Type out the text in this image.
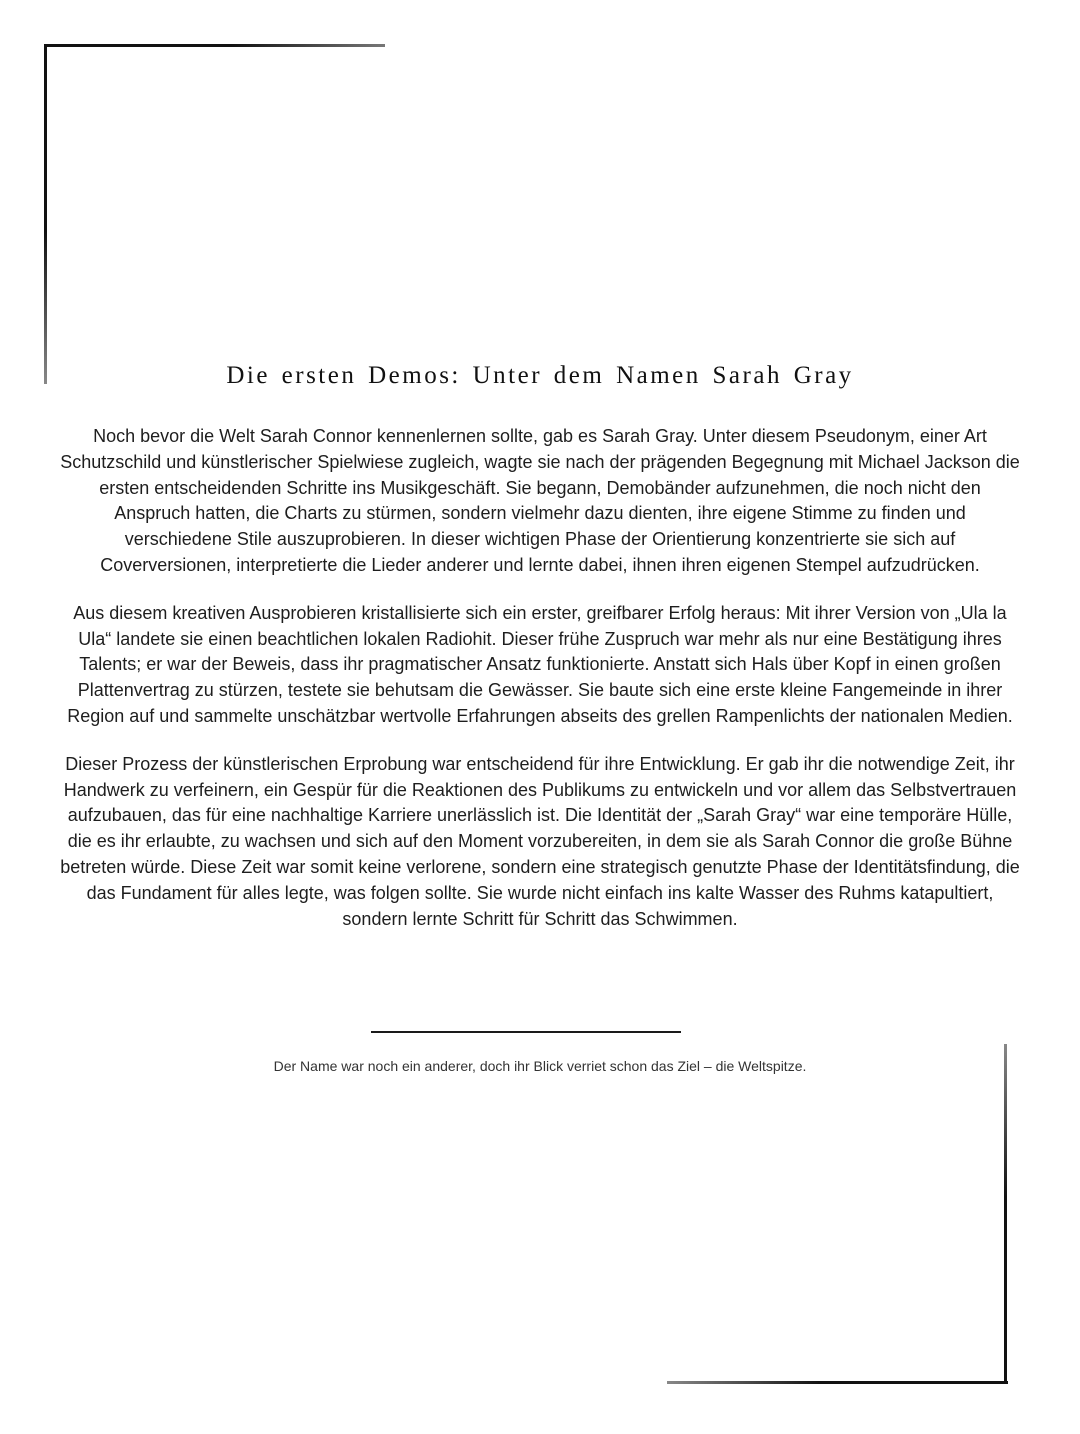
Die ersten Demos: Unter dem Namen Sarah Gray

Noch bevor die Welt Sarah Connor kennenlernen sollte, gab es Sarah Gray. Unter diesem Pseudonym, einer Art Schutzschild und künstlerischer Spielwiese zugleich, wagte sie nach der prägenden Begegnung mit Michael Jackson die ersten entscheidenden Schritte ins Musikgeschäft. Sie begann, Demobänder aufzunehmen, die noch nicht den Anspruch hatten, die Charts zu stürmen, sondern vielmehr dazu dienten, ihre eigene Stimme zu finden und verschiedene Stile auszuprobieren. In dieser wichtigen Phase der Orientierung konzentrierte sie sich auf Coverversionen, interpretierte die Lieder anderer und lernte dabei, ihnen ihren eigenen Stempel aufzudrücken.

Aus diesem kreativen Ausprobieren kristallisierte sich ein erster, greifbarer Erfolg heraus: Mit ihrer Version von „Ula la Ula“ landete sie einen beachtlichen lokalen Radiohit. Dieser frühe Zuspruch war mehr als nur eine Bestätigung ihres Talents; er war der Beweis, dass ihr pragmatischer Ansatz funktionierte. Anstatt sich Hals über Kopf in einen großen Plattenvertrag zu stürzen, testete sie behutsam die Gewässer. Sie baute sich eine erste kleine Fangemeinde in ihrer Region auf und sammelte unschätzbar wertvolle Erfahrungen abseits des grellen Rampenlichts der nationalen Medien.

Dieser Prozess der künstlerischen Erprobung war entscheidend für ihre Entwicklung. Er gab ihr die notwendige Zeit, ihr Handwerk zu verfeinern, ein Gespür für die Reaktionen des Publikums zu entwickeln und vor allem das Selbstvertrauen aufzubauen, das für eine nachhaltige Karriere unerlässlich ist. Die Identität der „Sarah Gray“ war eine temporäre Hülle, die es ihr erlaubte, zu wachsen und sich auf den Moment vorzubereiten, in dem sie als Sarah Connor die große Bühne betreten würde. Diese Zeit war somit keine verlorene, sondern eine strategisch genutzte Phase der Identitätsfindung, die das Fundament für alles legte, was folgen sollte. Sie wurde nicht einfach ins kalte Wasser des Ruhms katapultiert, sondern lernte Schritt für Schritt das Schwimmen.

Der Name war noch ein anderer, doch ihr Blick verriet schon das Ziel – die Weltspitze.
